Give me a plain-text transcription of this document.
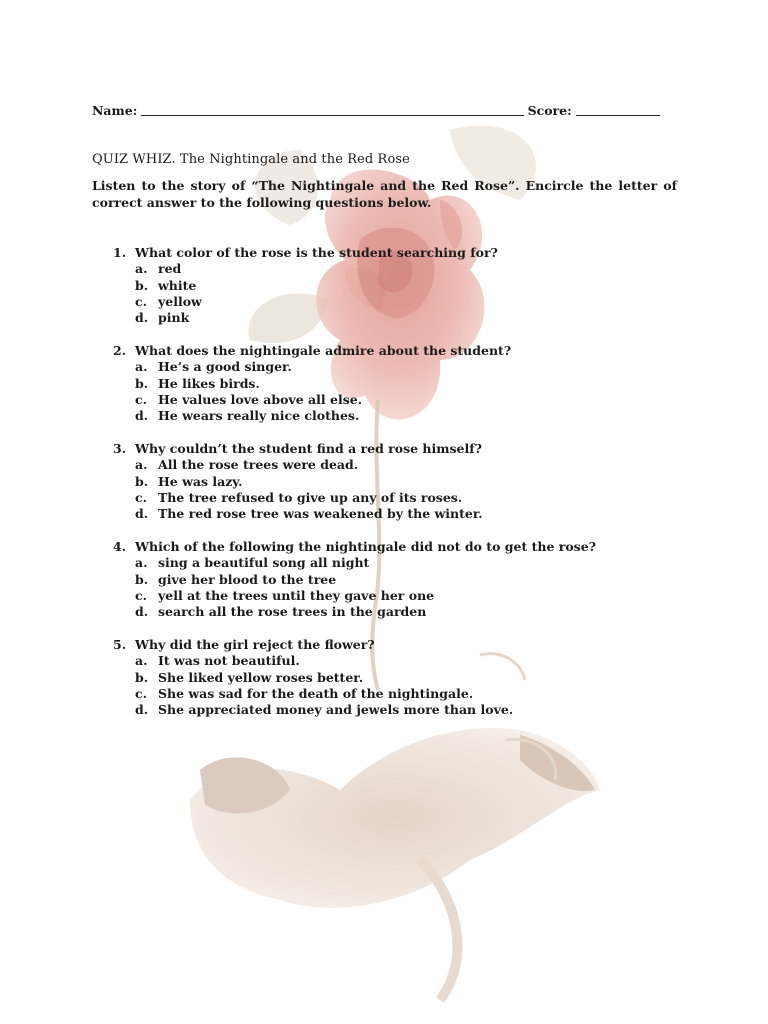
Name:	Score:
QUIZ WHIZ. The Nightingale and the Red Rose
Listen to the story of “The Nightingale and the Red Rose”. Encircle the letter of correct answer to the following questions below.
1. What color of the rose is the student searching for?
a. red
b. white
c. yellow
d. pink
2. What does the nightingale admire about the student?
a. He’s a good singer.
b. He likes birds.
c. He values love above all else.
d. He wears really nice clothes.
3. Why couldn’t the student find a red rose himself?
a. All the rose trees were dead.
b. He was lazy.
c. The tree refused to give up any of its roses.
d. The red rose tree was weakened by the winter.
4. Which of the following the nightingale did not do to get the rose?
a. sing a beautiful song all night
b. give her blood to the tree
c. yell at the trees until they gave her one
d. search all the rose trees in the garden
5. Why did the girl reject the flower?
a. It was not beautiful.
b. She liked yellow roses better.
c. She was sad for the death of the nightingale.
d. She appreciated money and jewels more than love.
